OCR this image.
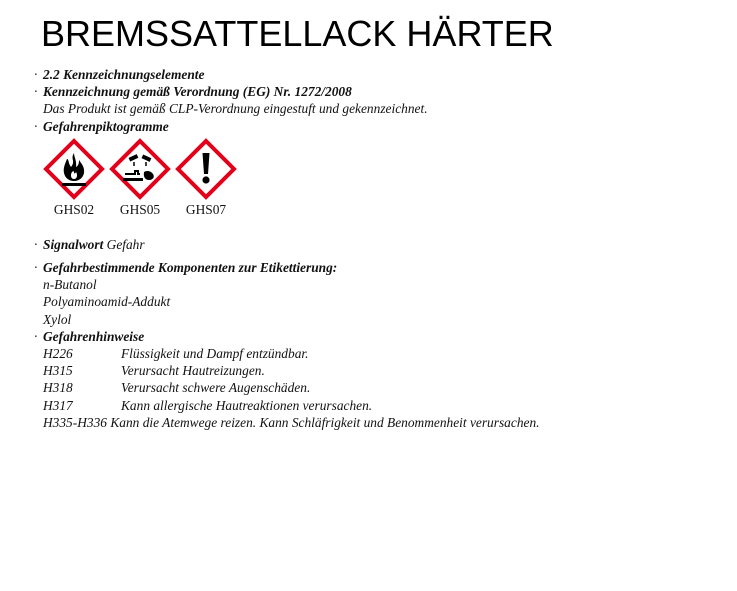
BREMSSATTELLACK HÄRTER
· 2.2 Kennzeichnungselemente
· Kennzeichnung gemäß Verordnung (EG) Nr. 1272/2008
Das Produkt ist gemäß CLP-Verordnung eingestuft und gekennzeichnet.
· Gefahrenpiktogramme
GHS02 GHS05 GHS07
· Signalwort Gefahr
· Gefahrbestimmende Komponenten zur Etikettierung:
n-Butanol
Polyaminoamid-Addukt
Xylol
· Gefahrenhinweise
H226	Flüssigkeit und Dampf entzündbar.
H315	Verursacht Hautreizungen.
H318	Verursacht schwere Augenschäden.
H317	Kann allergische Hautreaktionen verursachen.
H335-H336 Kann die Atemwege reizen. Kann Schläfrigkeit und Benommenheit verursachen.
